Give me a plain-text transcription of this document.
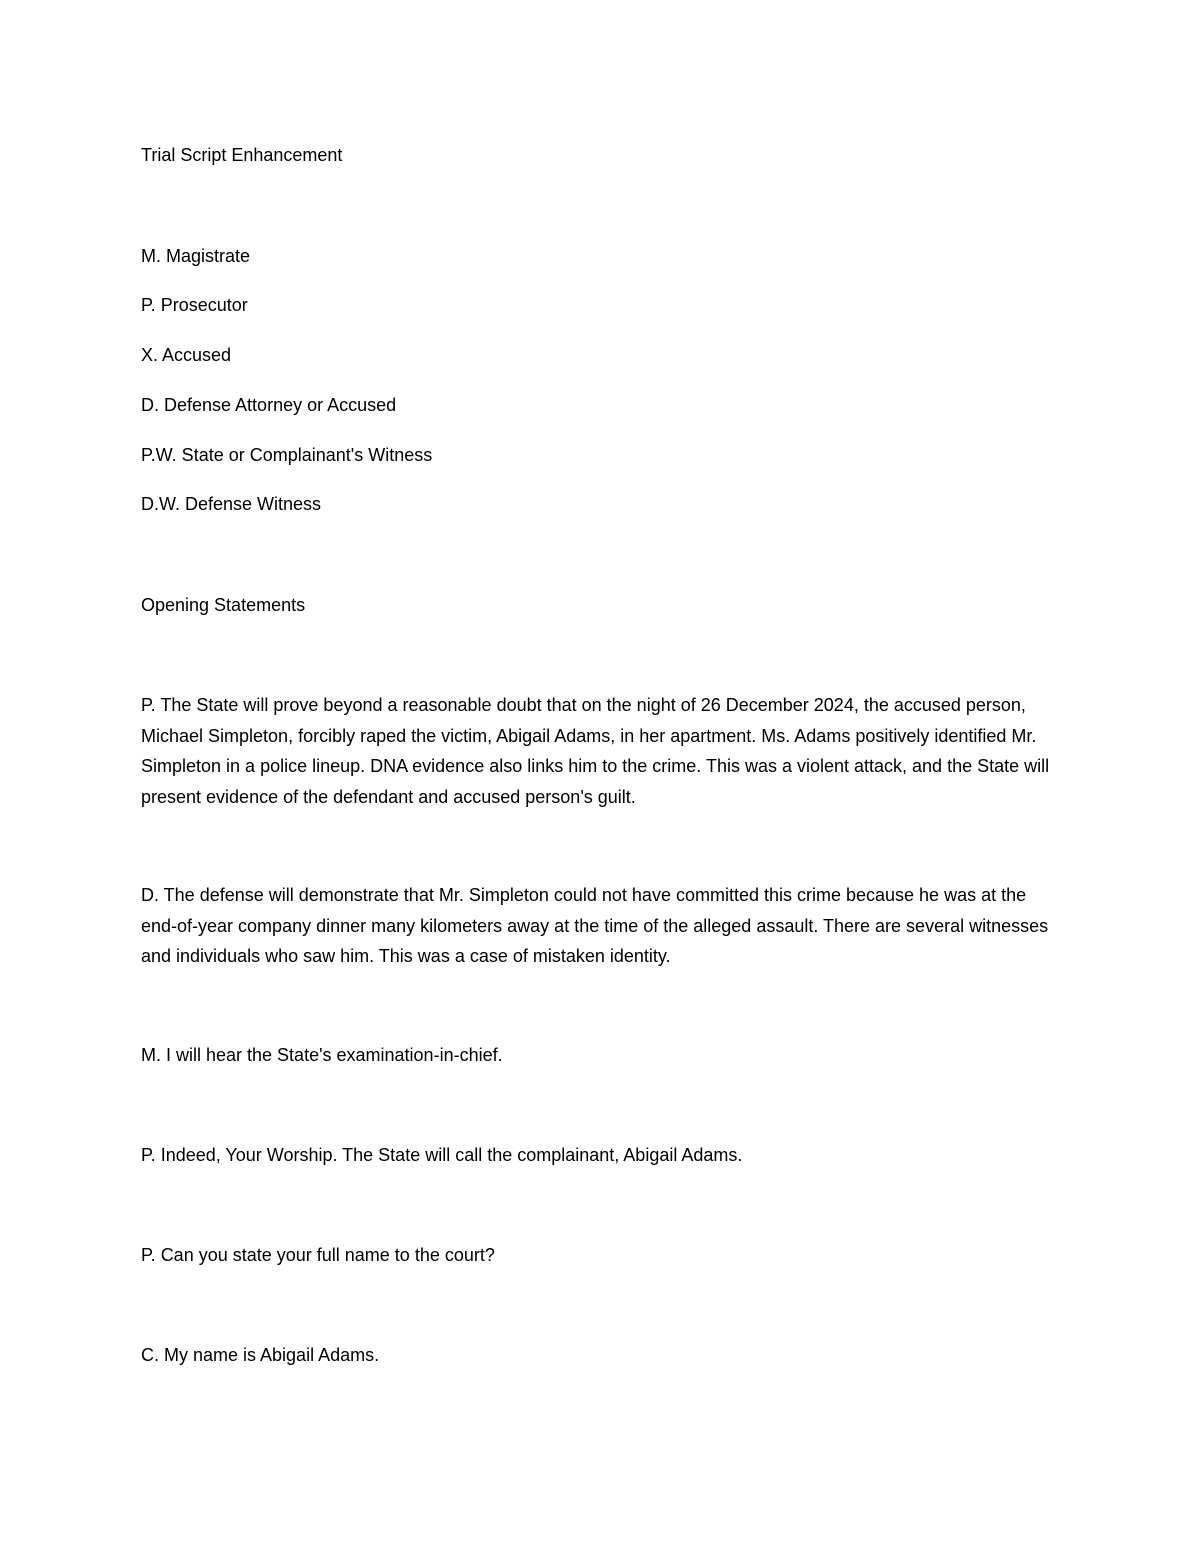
Trial Script Enhancement
M. Magistrate
P. Prosecutor
X. Accused
D. Defense Attorney or Accused
P.W. State or Complainant's Witness
D.W. Defense Witness
Opening Statements
P. The State will prove beyond a reasonable doubt that on the night of 26 December 2024, the accused person, Michael Simpleton, forcibly raped the victim, Abigail Adams, in her apartment. Ms. Adams positively identified Mr. Simpleton in a police lineup. DNA evidence also links him to the crime. This was a violent attack, and the State will present evidence of the defendant and accused person's guilt.
D. The defense will demonstrate that Mr. Simpleton could not have committed this crime because he was at the end-of-year company dinner many kilometers away at the time of the alleged assault. There are several witnesses and individuals who saw him. This was a case of mistaken identity.
M. I will hear the State's examination-in-chief.
P. Indeed, Your Worship. The State will call the complainant, Abigail Adams.
P. Can you state your full name to the court?
C. My name is Abigail Adams.
